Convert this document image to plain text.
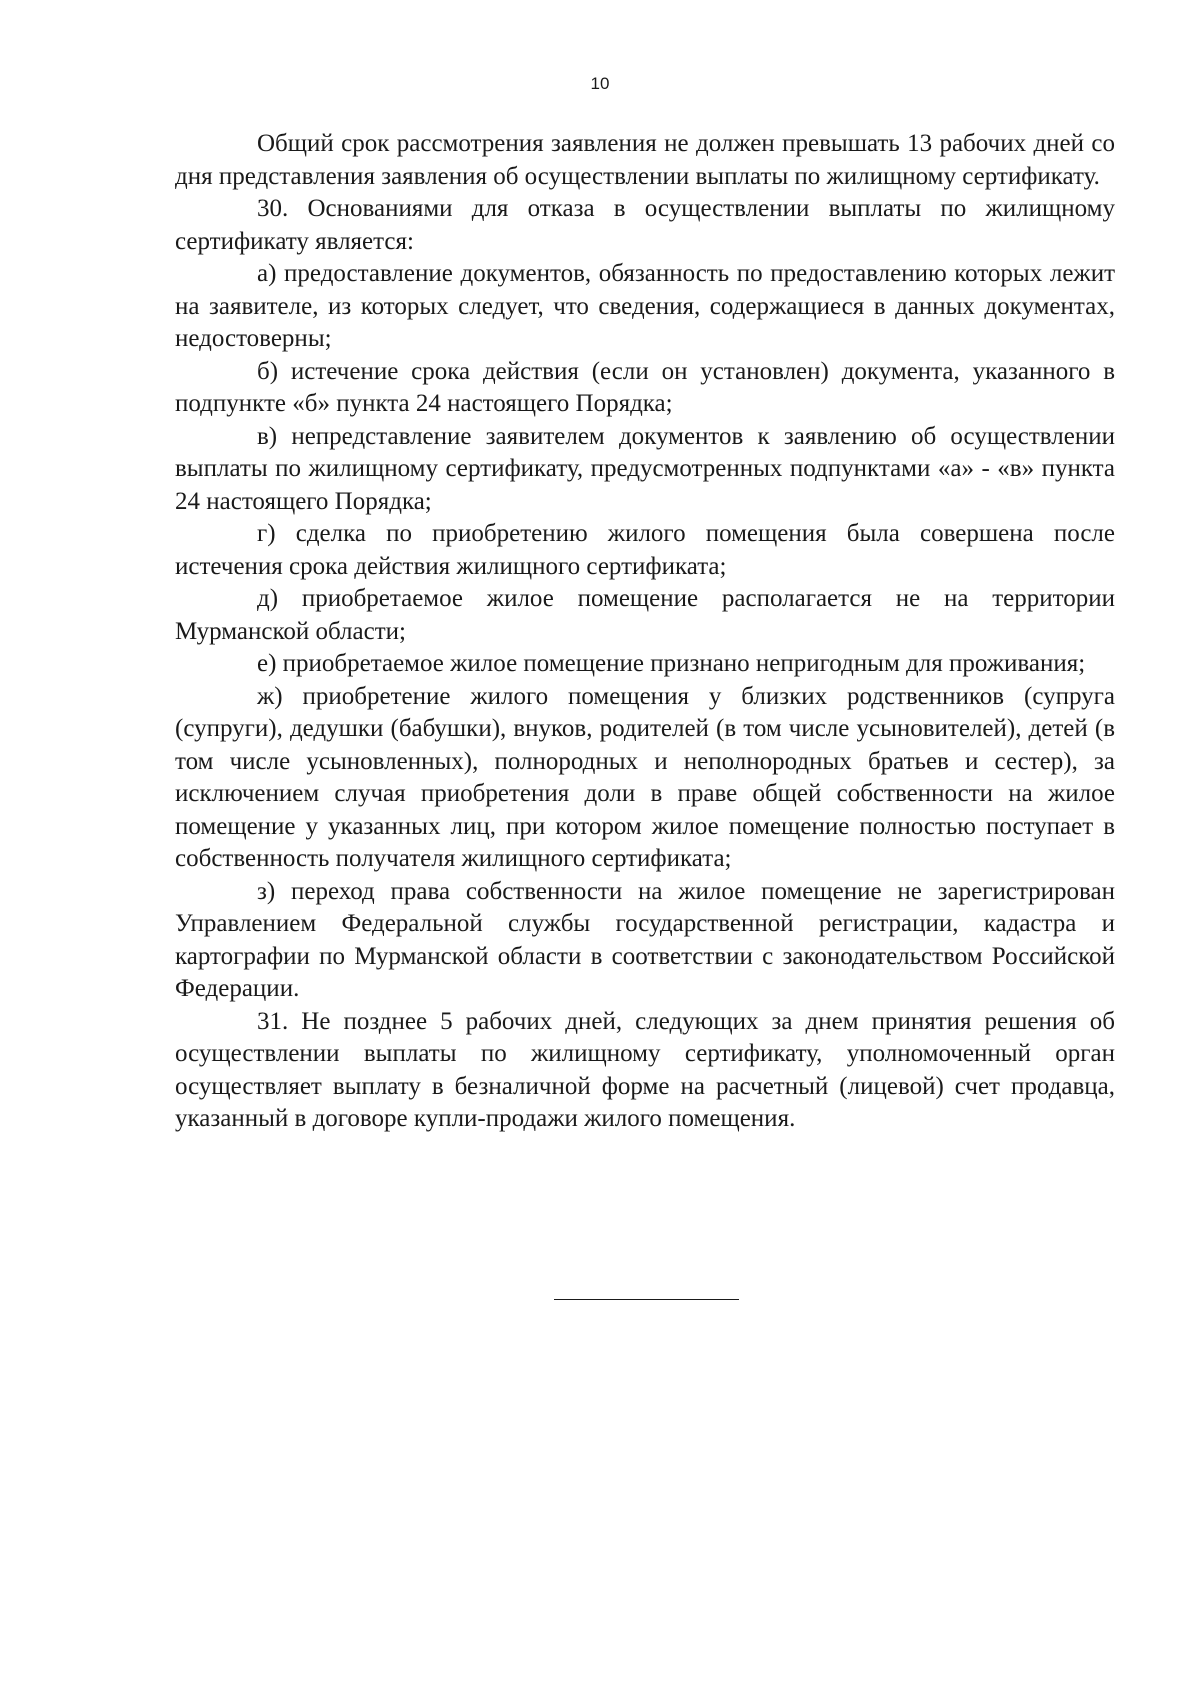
10

Общий срок рассмотрения заявления не должен превышать 13 рабочих дней со дня представления заявления об осуществлении выплаты по жилищному сертификату.

30. Основаниями для отказа в осуществлении выплаты по жилищному сертификату является:

а) предоставление документов, обязанность по предоставлению которых лежит на заявителе, из которых следует, что сведения, содержащиеся в данных документах, недостоверны;

б) истечение срока действия (если он установлен) документа, указанного в подпункте «б» пункта 24 настоящего Порядка;

в) непредставление заявителем документов к заявлению об осуществлении выплаты по жилищному сертификату, предусмотренных подпунктами «а» - «в» пункта 24 настоящего Порядка;

г) сделка по приобретению жилого помещения была совершена после истечения срока действия жилищного сертификата;

д) приобретаемое жилое помещение располагается не на территории Мурманской области;

е) приобретаемое жилое помещение признано непригодным для проживания;

ж) приобретение жилого помещения у близких родственников (супруга (супруги), дедушки (бабушки), внуков, родителей (в том числе усыновителей), детей (в том числе усыновленных), полнородных и неполнородных братьев и сестер), за исключением случая приобретения доли в праве общей собственности на жилое помещение у указанных лиц, при котором жилое помещение полностью поступает в собственность получателя жилищного сертификата;

з) переход права собственности на жилое помещение не зарегистрирован Управлением Федеральной службы государственной регистрации, кадастра и картографии по Мурманской области в соответствии с законодательством Российской Федерации.

31. Не позднее 5 рабочих дней, следующих за днем принятия решения об осуществлении выплаты по жилищному сертификату, уполномоченный орган осуществляет выплату в безналичной форме на расчетный (лицевой) счет продавца, указанный в договоре купли-продажи жилого помещения.
